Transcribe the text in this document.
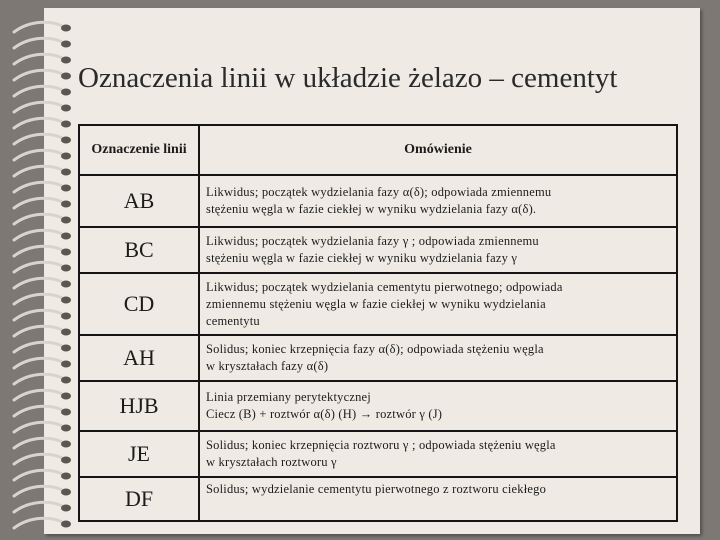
Oznaczenia linii w układzie żelazo – cementyt
Oznaczenie linii	Omówienie
AB	Likwidus; początek wydzielania fazy α(δ); odpowiada zmiennemu
stężeniu węgla w fazie ciekłej w wyniku wydzielania fazy α(δ).

BC	Likwidus; początek wydzielania fazy γ ; odpowiada zmiennemu
stężeniu węgla w fazie ciekłej w wyniku wydzielania fazy γ

CD	Likwidus; początek wydzielania cementytu pierwotnego; odpowiada
zmiennemu stężeniu węgla w fazie ciekłej w wyniku wydzielania
cementytu

AH	Solidus; koniec krzepnięcia fazy α(δ); odpowiada stężeniu węgla
w kryształach fazy α(δ)

HJB	Linia przemiany perytektycznej
Ciecz (B) + roztwór α(δ) (H) → roztwór γ (J)

JE	Solidus; koniec krzepnięcia roztworu γ ; odpowiada stężeniu węgla
w kryształach roztworu γ

DF	Solidus; wydzielanie cementytu pierwotnego z roztworu ciekłego
